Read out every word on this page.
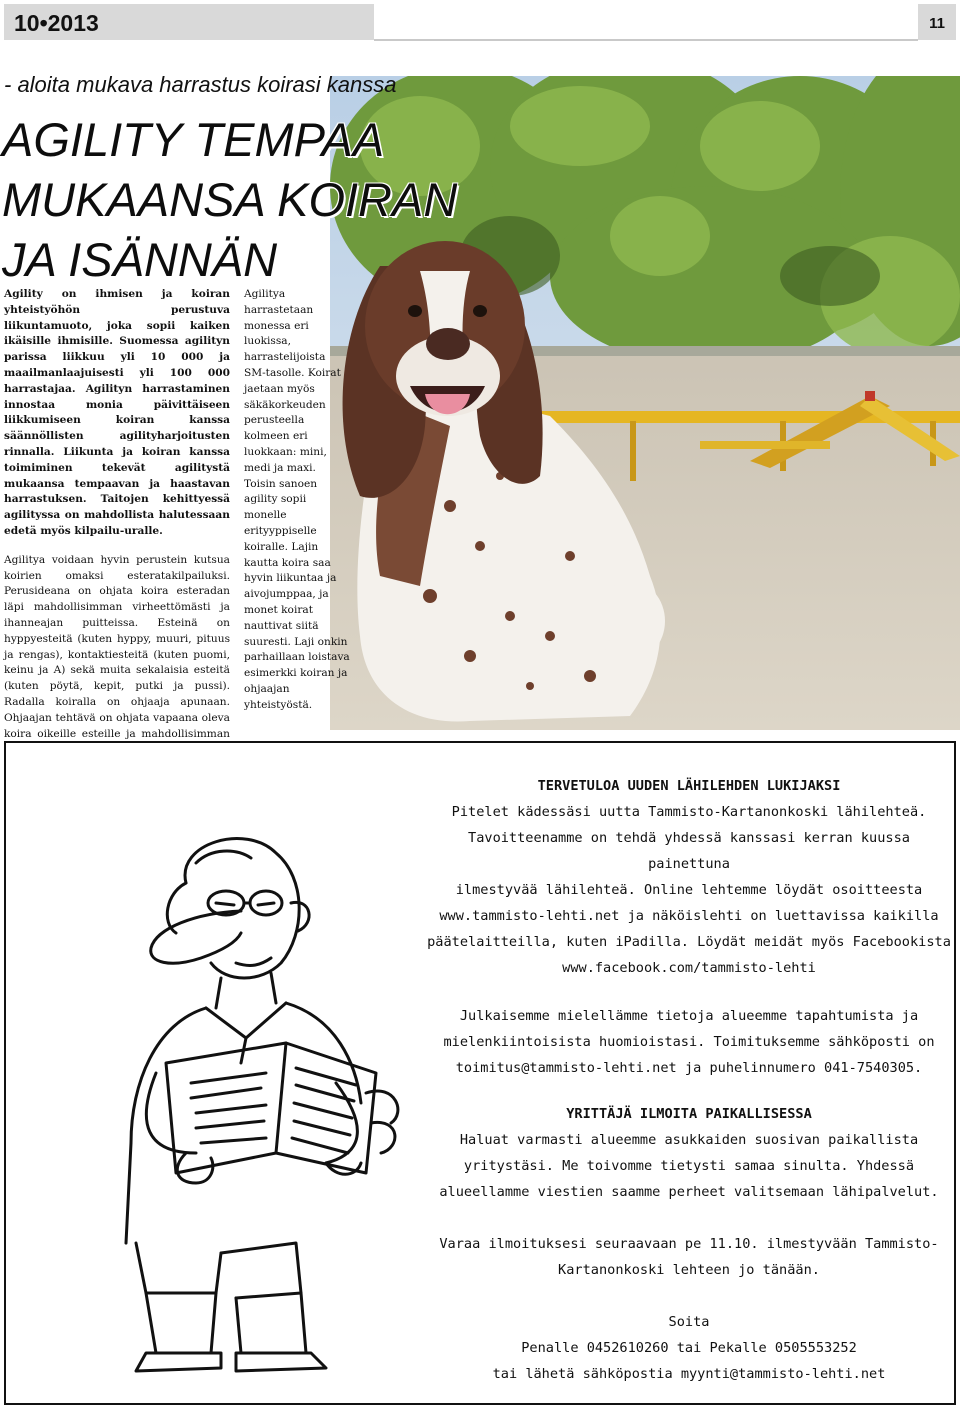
10•2013	11
- aloita mukava harrastus koirasi kanssa
AGILITY TEMPAA
MUKAANSA KOIRAN
JA ISÄNNÄN

Agility on ihmisen ja koiran yhteistyöhön perustuva liikuntamuoto, joka sopii kaiken ikäisille ihmisille. Suomessa agilityn parissa liikkuu yli 10 000 ja maailmanlaajuisesti yli 100 000 harrastajaa. Agilityn harrastaminen innostaa monia päivittäiseen liikkumiseen koiran kanssa säännöllisten agilityharjoitusten rinnalla. Liikunta ja koiran kanssa toimiminen tekevät agilitystä mukaansa tempaavan ja haastavan harrastuksen. Taitojen kehittyessä agilityssa on mahdollista halutessaan edetä myös kilpailu-uralle.

Agilitya voidaan hyvin perustein kutsua koirien omaksi esteratakilpailuksi. Perusideana on ohjata koira esteradan läpi mahdollisimman virheettömästi ja ihanneajan puitteissa. Esteinä on hyppyesteitä (kuten hyppy, muuri, pituus ja rengas), kontaktiesteitä (kuten puomi, keinu ja A) sekä muita sekalaisia esteitä (kuten pöytä, kepit, putki ja pussi). Radalla koiralla on ohjaaja apunaan. Ohjaajan tehtävä on ohjata vapaana oleva koira oikeille esteille ja mahdollisimman

Agilitya harrastetaan monessa eri luokissa, harrastelijoista SM-tasolle. Koirat jaetaan myös säkäkorkeuden perusteella kolmeen eri luokkaan: mini, medi ja maxi. Toisin sanoen agility sopii monelle erityyppiselle koiralle. Lajin kautta koira saa hyvin liikuntaa ja aivojumppaa, ja monet koirat nauttivat siitä suuresti. Laji onkin parhaillaan loistava esimerkki koiran ja ohjaajan yhteistyöstä.

TERVETULOA UUDEN LÄHILEHDEN LUKIJAKSI

Pitelet kädessäsi uutta Tammisto-Kartanonkoski lähilehteä.

Tavoitteenamme on tehdä yhdessä kanssasi kerran kuussa painettuna

ilmestyvää lähilehteä. Online lehtemme löydät osoitteesta

www.tammisto-lehti.net ja näköislehti on luettavissa kaikilla päätelaitteilla, kuten iPadilla. Löydät meidät myös Facebookista www.facebook.com/tammisto-lehti

Julkaisemme mielellämme tietoja alueemme tapahtumista ja mielenkiintoisista huomioistasi. Toimituksemme sähköposti on toimitus@tammisto-lehti.net ja puhelinnumero 041-7540305.

YRITTÄJÄ ILMOITA PAIKALLISESSA

Haluat varmasti alueemme asukkaiden suosivan paikallista yritystäsi. Me toivomme tietysti samaa sinulta. Yhdessä alueellamme viestien saamme perheet valitsemaan lähipalvelut.

Varaa ilmoituksesi seuraavaan pe 11.10. ilmestyvään Tammisto-Kartanonkoski lehteen jo tänään.

Soita

Penalle 0452610260 tai Pekalle 0505553252

tai lähetä sähköpostia myynti@tammisto-lehti.net
